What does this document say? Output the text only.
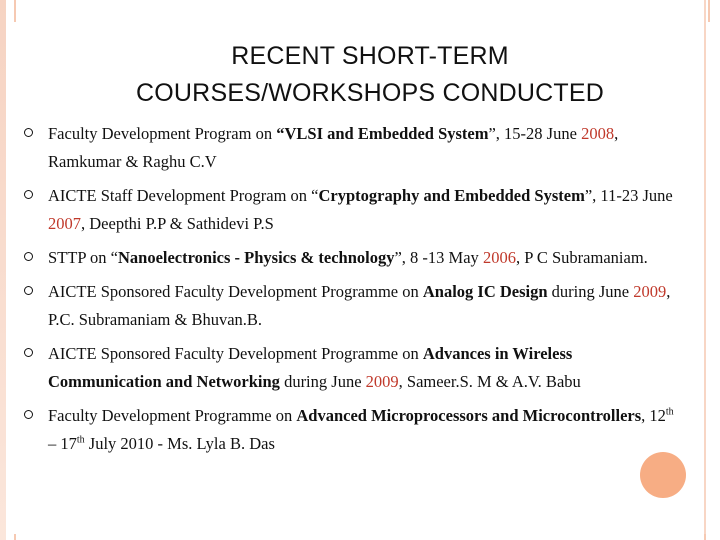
RECENT SHORT-TERM
COURSES/WORKSHOPS CONDUCTED
Faculty Development Program on “VLSI and Embedded System”, 15-28 June 2008, Ramkumar & Raghu C.V
AICTE Staff Development Program on “Cryptography and Embedded System”, 11-23 June 2007, Deepthi P.P & Sathidevi P.S
STTP on “Nanoelectronics - Physics & technology”, 8 -13 May 2006, P C Subramaniam.
AICTE Sponsored Faculty Development Programme on Analog IC Design during June 2009, P.C. Subramaniam & Bhuvan.B.
AICTE Sponsored Faculty Development Programme on Advances in Wireless Communication and Networking during June 2009, Sameer.S. M & A.V. Babu
Faculty Development Programme on Advanced Microprocessors and Microcontrollers, 12th – 17th July 2010 - Ms. Lyla B. Das
